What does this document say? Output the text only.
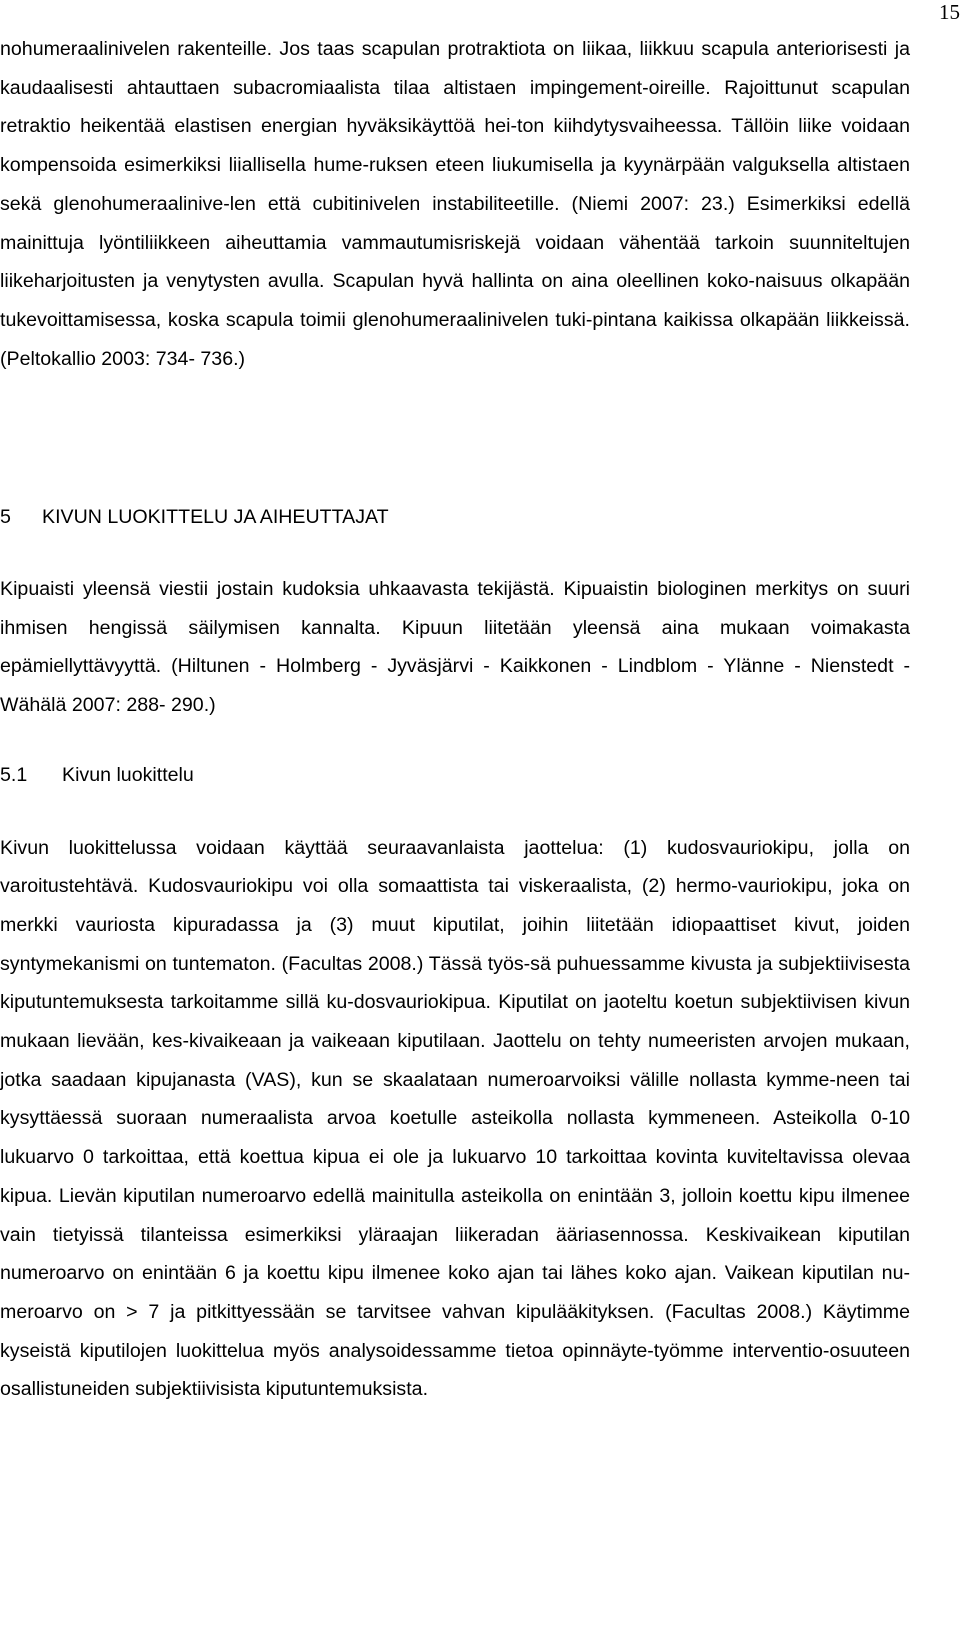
15

nohumeraalinivelen rakenteille. Jos taas scapulan protraktiota on liikaa, liikkuu scapula anteriorisesti ja kaudaalisesti ahtauttaen subacromiaalista tilaa altistaen impingement-oireille. Rajoittunut scapulan retraktio heikentää elastisen energian hyväksikäyttöä hei-ton kiihdytysvaiheessa. Tällöin liike voidaan kompensoida esimerkiksi liiallisella hume-ruksen eteen liukumisella ja kyynärpään valguksella altistaen sekä glenohumeraalinive-len että cubitinivelen instabiliteetille. (Niemi 2007: 23.) Esimerkiksi edellä mainittuja lyöntiliikkeen aiheuttamia vammautumisriskejä voidaan vähentää tarkoin suunniteltujen liikeharjoitusten ja venytysten avulla. Scapulan hyvä hallinta on aina oleellinen koko-naisuus olkapään tukevoittamisessa, koska scapula toimii glenohumeraalinivelen tuki-pintana kaikissa olkapään liikkeissä. (Peltokallio 2003: 734- 736.)

5 KIVUN LUOKITTELU JA AIHEUTTAJAT

Kipuaisti yleensä viestii jostain kudoksia uhkaavasta tekijästä. Kipuaistin biologinen merkitys on suuri ihmisen hengissä säilymisen kannalta. Kipuun liitetään yleensä aina mukaan voimakasta epämiellyttävyyttä. (Hiltunen - Holmberg - Jyväsjärvi - Kaikkonen - Lindblom - Ylänne - Nienstedt - Wähälä 2007: 288- 290.)

5.1 Kivun luokittelu

Kivun luokittelussa voidaan käyttää seuraavanlaista jaottelua: (1) kudosvauriokipu, jolla on varoitustehtävä. Kudosvauriokipu voi olla somaattista tai viskeraalista, (2) hermo-vauriokipu, joka on merkki vauriosta kipuradassa ja (3) muut kiputilat, joihin liitetään idiopaattiset kivut, joiden syntymekanismi on tuntematon. (Facultas 2008.) Tässä työs-sä puhuessamme kivusta ja subjektiivisesta kiputuntemuksesta tarkoitamme sillä ku-dosvauriokipua. Kiputilat on jaoteltu koetun subjektiivisen kivun mukaan lievään, kes-kivaikeaan ja vaikeaan kiputilaan. Jaottelu on tehty numeeristen arvojen mukaan, jotka saadaan kipujanasta (VAS), kun se skaalataan numeroarvoiksi välille nollasta kymme-neen tai kysyttäessä suoraan numeraalista arvoa koetulle asteikolla nollasta kymmeneen. Asteikolla 0-10 lukuarvo 0 tarkoittaa, että koettua kipua ei ole ja lukuarvo 10 tarkoittaa kovinta kuviteltavissa olevaa kipua. Lievän kiputilan numeroarvo edellä mainitulla asteikolla on enintään 3, jolloin koettu kipu ilmenee vain tietyissä tilanteissa esimerkiksi yläraajan liikeradan ääriasennossa. Keskivaikean kiputilan numeroarvo on enintään 6 ja koettu kipu ilmenee koko ajan tai lähes koko ajan. Vaikean kiputilan nu-meroarvo on > 7 ja pitkittyessään se tarvitsee vahvan kipulääkityksen. (Facultas 2008.) Käytimme kyseistä kiputilojen luokittelua myös analysoidessamme tietoa opinnäyte-työmme interventio-osuuteen osallistuneiden subjektiivisista kiputuntemuksista.
